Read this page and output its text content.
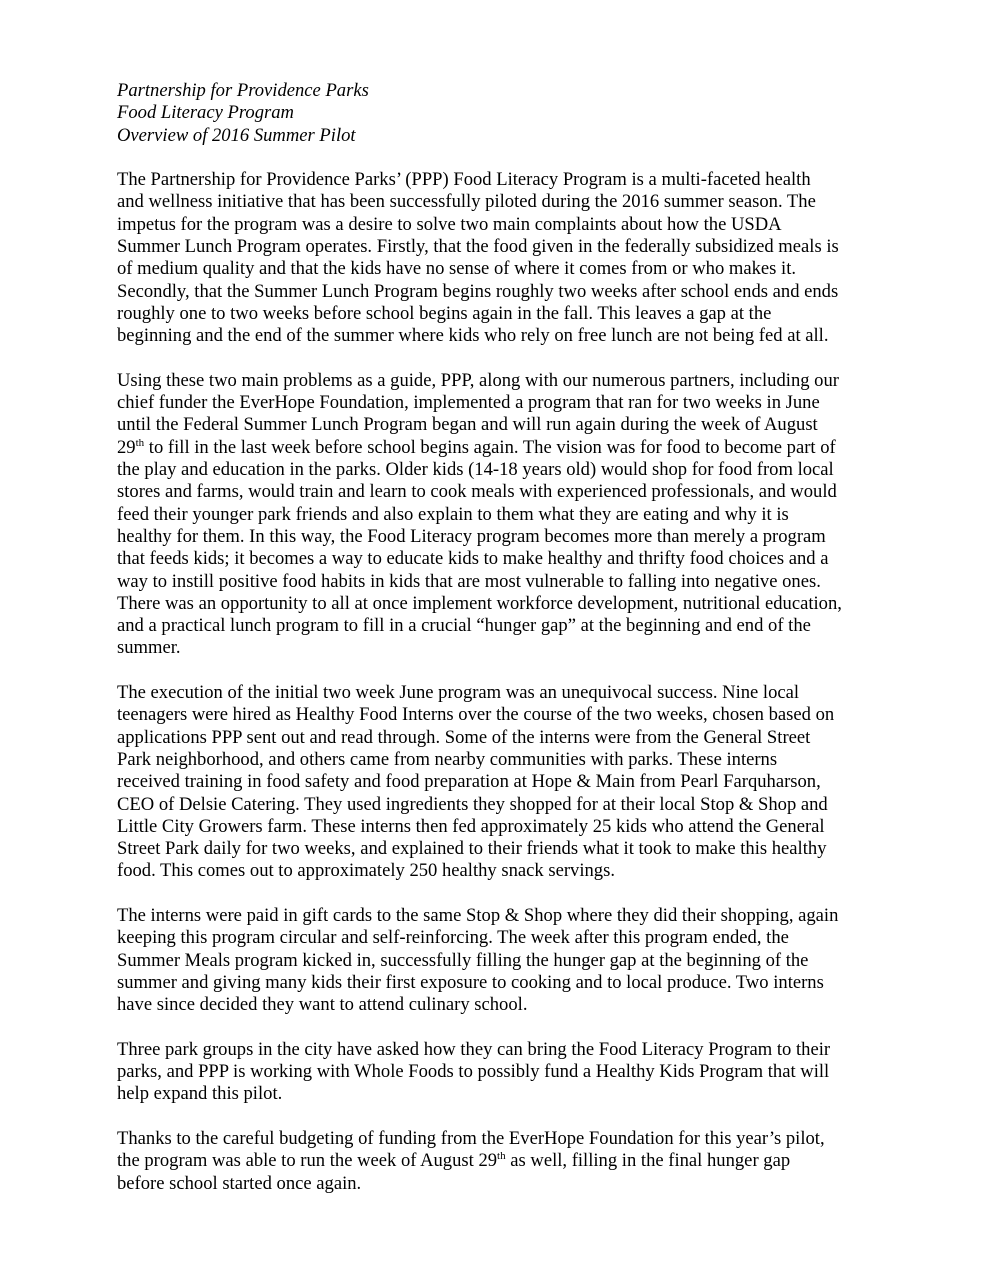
Partnership for Providence Parks
Food Literacy Program
Overview of 2016 Summer Pilot
The Partnership for Providence Parks’ (PPP) Food Literacy Program is a multi-faceted health
and wellness initiative that has been successfully piloted during the 2016 summer season. The
impetus for the program was a desire to solve two main complaints about how the USDA
Summer Lunch Program operates. Firstly, that the food given in the federally subsidized meals is
of medium quality and that the kids have no sense of where it comes from or who makes it.
Secondly, that the Summer Lunch Program begins roughly two weeks after school ends and ends
roughly one to two weeks before school begins again in the fall. This leaves a gap at the
beginning and the end of the summer where kids who rely on free lunch are not being fed at all.
Using these two main problems as a guide, PPP, along with our numerous partners, including our
chief funder the EverHope Foundation, implemented a program that ran for two weeks in June
until the Federal Summer Lunch Program began and will run again during the week of August
29th to fill in the last week before school begins again. The vision was for food to become part of
the play and education in the parks. Older kids (14-18 years old) would shop for food from local
stores and farms, would train and learn to cook meals with experienced professionals, and would
feed their younger park friends and also explain to them what they are eating and why it is
healthy for them. In this way, the Food Literacy program becomes more than merely a program
that feeds kids; it becomes a way to educate kids to make healthy and thrifty food choices and a
way to instill positive food habits in kids that are most vulnerable to falling into negative ones.
There was an opportunity to all at once implement workforce development, nutritional education,
and a practical lunch program to fill in a crucial “hunger gap” at the beginning and end of the
summer.
The execution of the initial two week June program was an unequivocal success. Nine local
teenagers were hired as Healthy Food Interns over the course of the two weeks, chosen based on
applications PPP sent out and read through. Some of the interns were from the General Street
Park neighborhood, and others came from nearby communities with parks. These interns
received training in food safety and food preparation at Hope & Main from Pearl Farquharson,
CEO of Delsie Catering. They used ingredients they shopped for at their local Stop & Shop and
Little City Growers farm. These interns then fed approximately 25 kids who attend the General
Street Park daily for two weeks, and explained to their friends what it took to make this healthy
food. This comes out to approximately 250 healthy snack servings.
The interns were paid in gift cards to the same Stop & Shop where they did their shopping, again
keeping this program circular and self-reinforcing. The week after this program ended, the
Summer Meals program kicked in, successfully filling the hunger gap at the beginning of the
summer and giving many kids their first exposure to cooking and to local produce. Two interns
have since decided they want to attend culinary school.
Three park groups in the city have asked how they can bring the Food Literacy Program to their
parks, and PPP is working with Whole Foods to possibly fund a Healthy Kids Program that will
help expand this pilot.
Thanks to the careful budgeting of funding from the EverHope Foundation for this year’s pilot,
the program was able to run the week of August 29th as well, filling in the final hunger gap
before school started once again.
